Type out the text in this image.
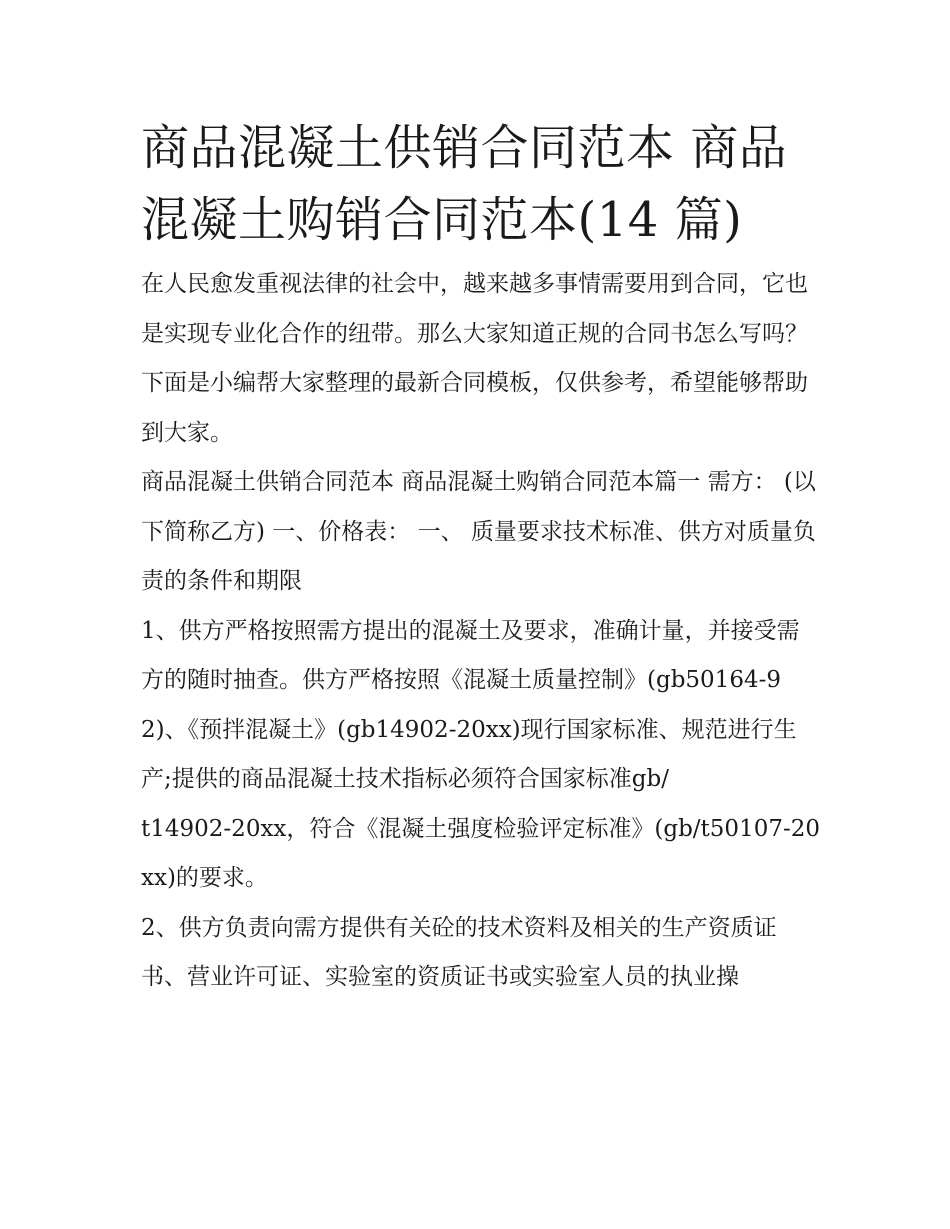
商品混凝土供销合同范本 商品混凝土购销合同范本(14 篇)

在人民愈发重视法律的社会中，越来越多事情需要用到合同，它也是实现专业化合作的纽带。那么大家知道正规的合同书怎么写吗？下面是小编帮大家整理的最新合同模板，仅供参考，希望能够帮助到大家。

商品混凝土供销合同范本 商品混凝土购销合同范本篇一 需方： (以下简称乙方) 一、价格表： 一、 质量要求技术标准、供方对质量负责的条件和期限

1、供方严格按照需方提出的混凝土及要求，准确计量，并接受需方的随时抽查。供方严格按照《混凝土质量控制》(gb50164-92)、《预拌混凝土》(gb14902-20xx)现行国家标准、规范进行生产;提供的商品混凝土技术指标必须符合国家标准gb/

t14902-20xx，符合《混凝土强度检验评定标准》(gb/t50107-20xx)的要求。

2、供方负责向需方提供有关砼的技术资料及相关的生产资质证书、营业许可证、实验室的资质证书或实验室人员的执业操
